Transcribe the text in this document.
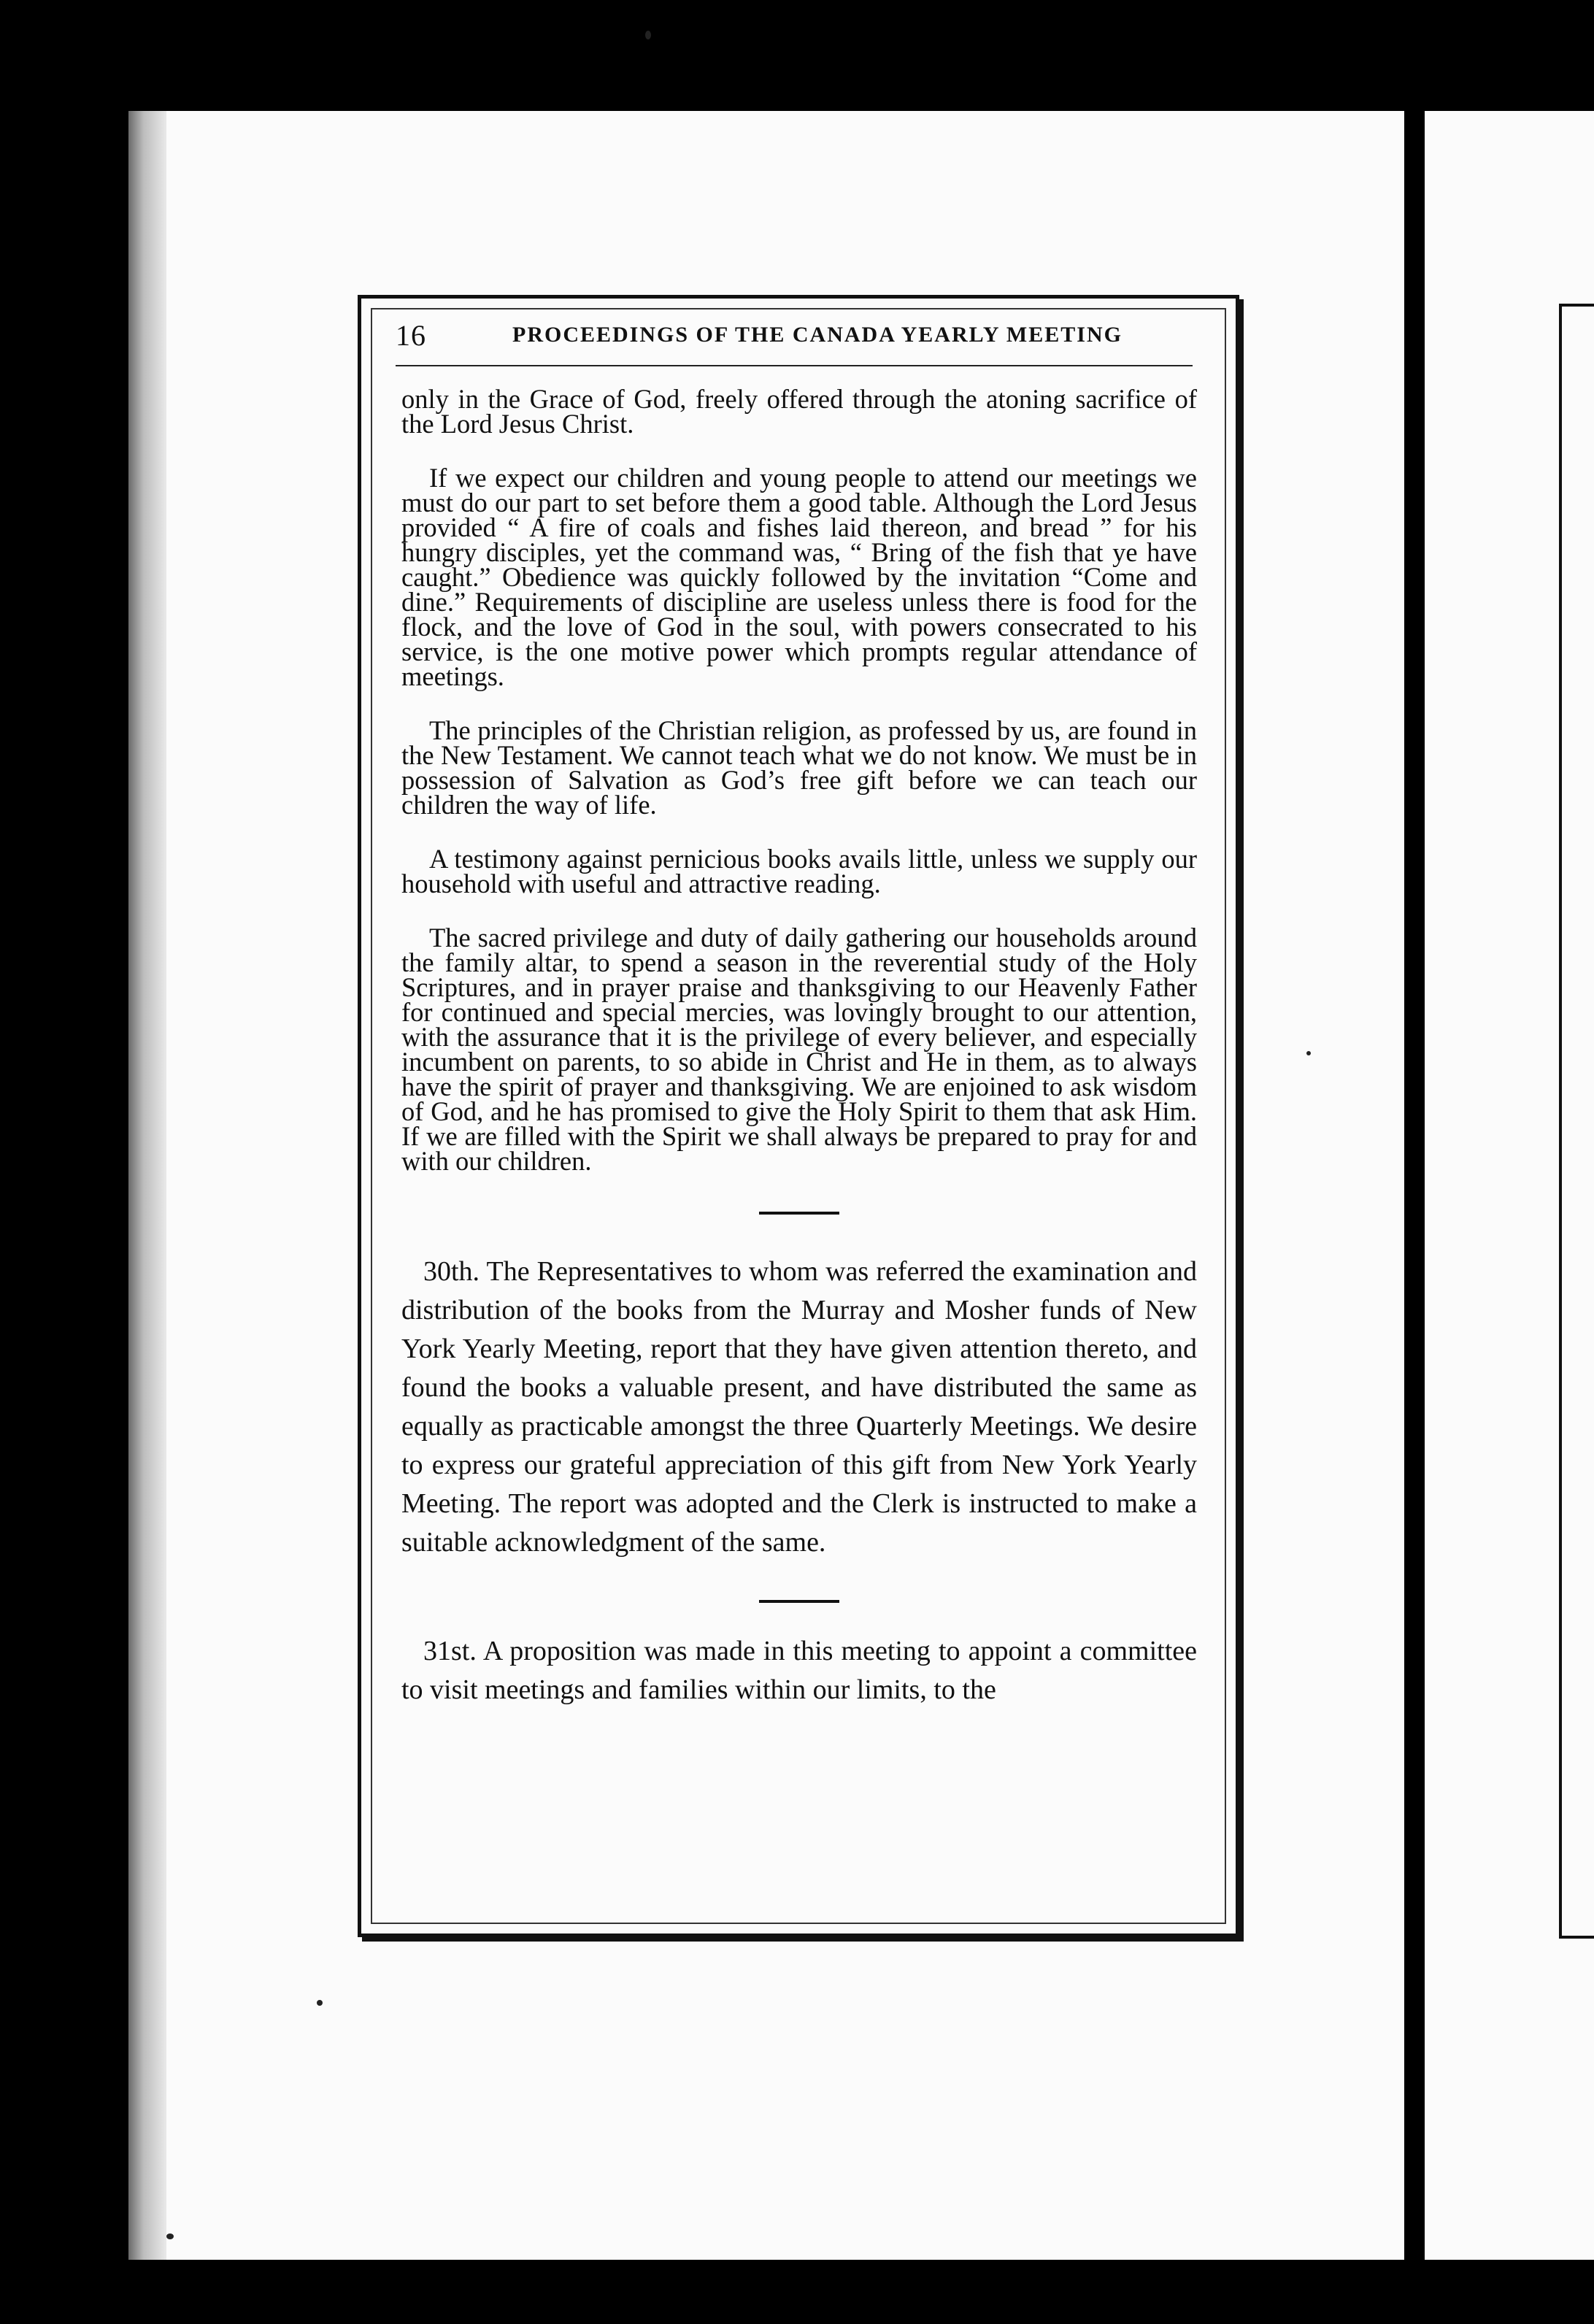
16	PROCEEDINGS OF THE CANADA YEARLY MEETING

only in the Grace of God, freely offered through the atoning sacrifice of the Lord Jesus Christ.

If we expect our children and young people to attend our meetings we must do our part to set before them a good table. Although the Lord Jesus provided “ A fire of coals and fishes laid thereon, and bread ” for his hungry disciples, yet the command was, “ Bring of the fish that ye have caught.” Obedience was quickly followed by the invitation “Come and dine.” Requirements of discipline are useless unless there is food for the flock, and the love of God in the soul, with powers consecrated to his service, is the one motive power which prompts regular attendance of meetings.

The principles of the Christian religion, as professed by us, are found in the New Testament. We cannot teach what we do not know. We must be in possession of Salvation as God’s free gift before we can teach our children the way of life.

A testimony against pernicious books avails little, unless we supply our household with useful and attractive reading.

The sacred privilege and duty of daily gathering our households around the family altar, to spend a season in the reverential study of the Holy Scriptures, and in prayer praise and thanksgiving to our Heavenly Father for continued and special mercies, was lovingly brought to our attention, with the assurance that it is the privilege of every believer, and especially incumbent on parents, to so abide in Christ and He in them, as to always have the spirit of prayer and thanksgiving. We are enjoined to ask wisdom of God, and he has promised to give the Holy Spirit to them that ask Him. If we are filled with the Spirit we shall always be prepared to pray for and with our children.

30th. The Representatives to whom was referred the examination and distribution of the books from the Murray and Mosher funds of New York Yearly Meeting, report that they have given attention thereto, and found the books a valuable present, and have distributed the same as equally as practicable amongst the three Quarterly Meetings. We desire to express our grateful appreciation of this gift from New York Yearly Meeting. The report was adopted and the Clerk is instructed to make a suitable acknowledgment of the same.

31st. A proposition was made in this meeting to appoint a committee to visit meetings and families within our limits, to the
